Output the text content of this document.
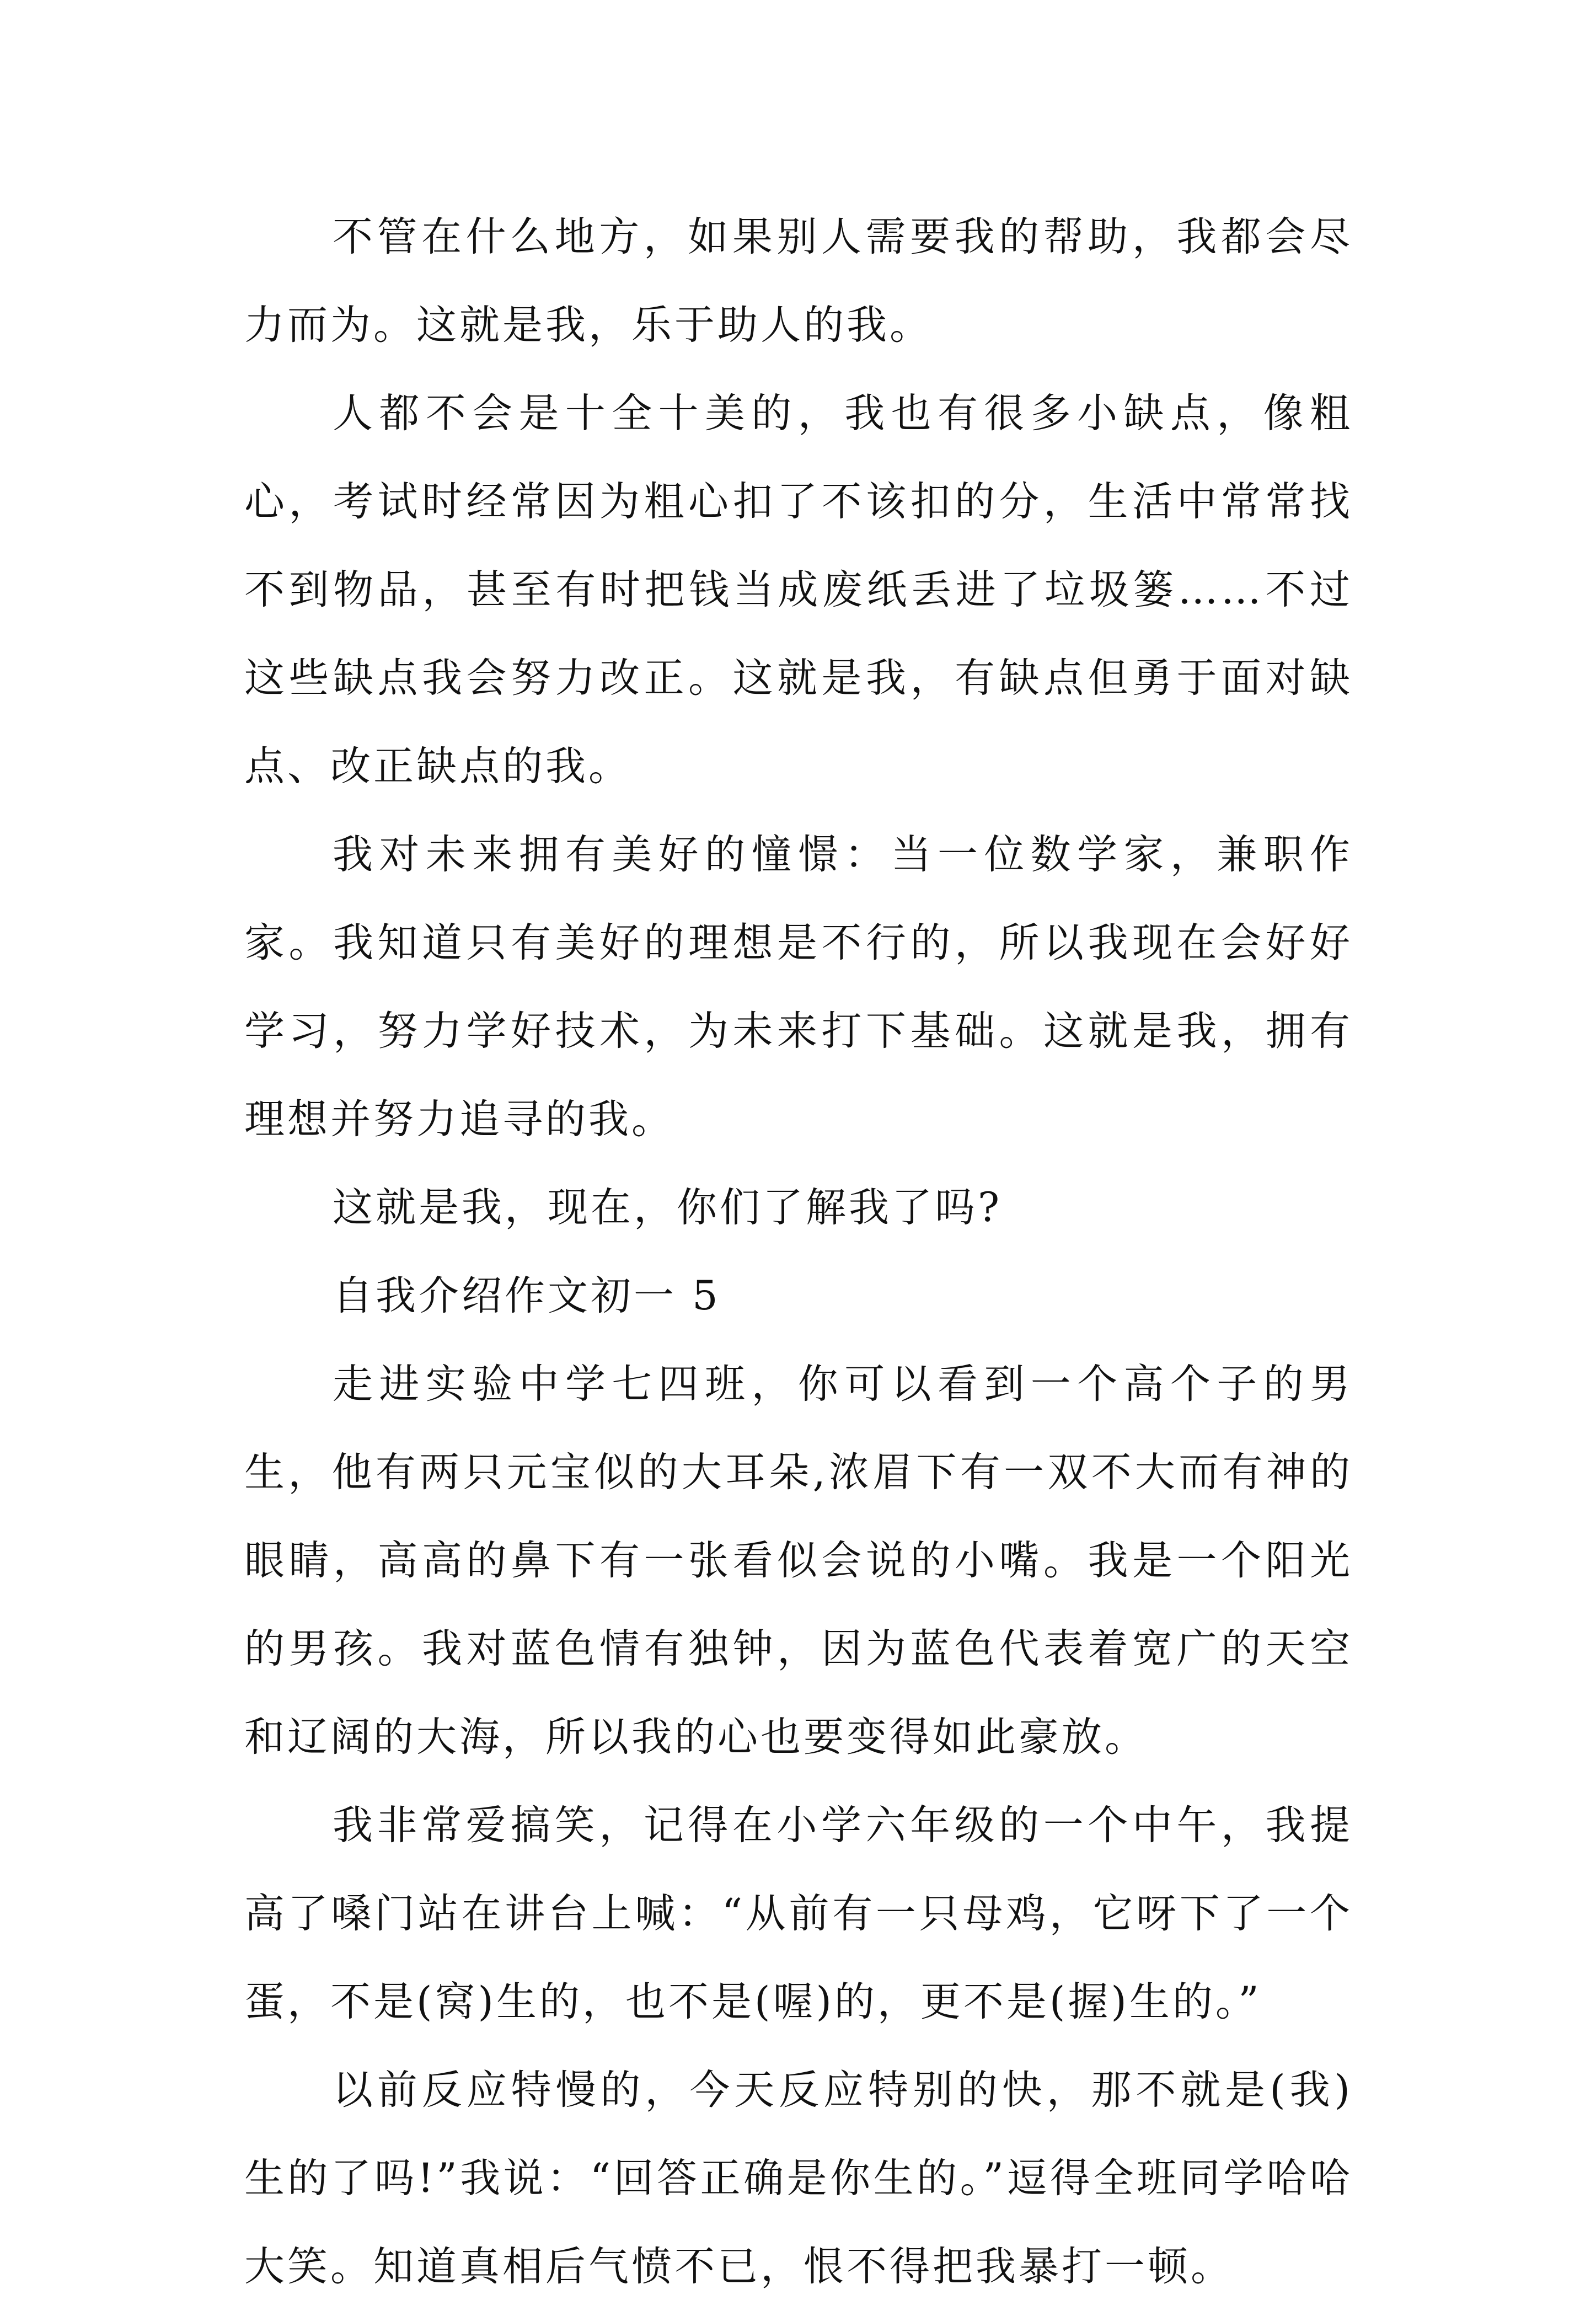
不管在什么地方，如果别人需要我的帮助，我都会尽力而为。这就是我，乐于助人的我。

人都不会是十全十美的，我也有很多小缺点，像粗心，考试时经常因为粗心扣了不该扣的分，生活中常常找不到物品，甚至有时把钱当成废纸丢进了垃圾篓……不过这些缺点我会努力改正。这就是我，有缺点但勇于面对缺点、改正缺点的我。

我对未来拥有美好的憧憬：当一位数学家，兼职作家。我知道只有美好的理想是不行的，所以我现在会好好学习，努力学好技术，为未来打下基础。这就是我，拥有理想并努力追寻的我。

这就是我，现在，你们了解我了吗?

自我介绍作文初一 5

走进实验中学七四班，你可以看到一个高个子的男生，他有两只元宝似的大耳朵,浓眉下有一双不大而有神的眼睛，高高的鼻下有一张看似会说的小嘴。我是一个阳光的男孩。我对蓝色情有独钟，因为蓝色代表着宽广的天空和辽阔的大海，所以我的心也要变得如此豪放。

我非常爱搞笑，记得在小学六年级的一个中午，我提高了嗓门站在讲台上喊：“从前有一只母鸡，它呀下了一个蛋，不是(窝)生的，也不是(喔)的，更不是(握)生的。”

以前反应特慢的，今天反应特别的快，那不就是(我)生的了吗!”我说：“回答正确是你生的。”逗得全班同学哈哈大笑。知道真相后气愤不已，恨不得把我暴打一顿。
